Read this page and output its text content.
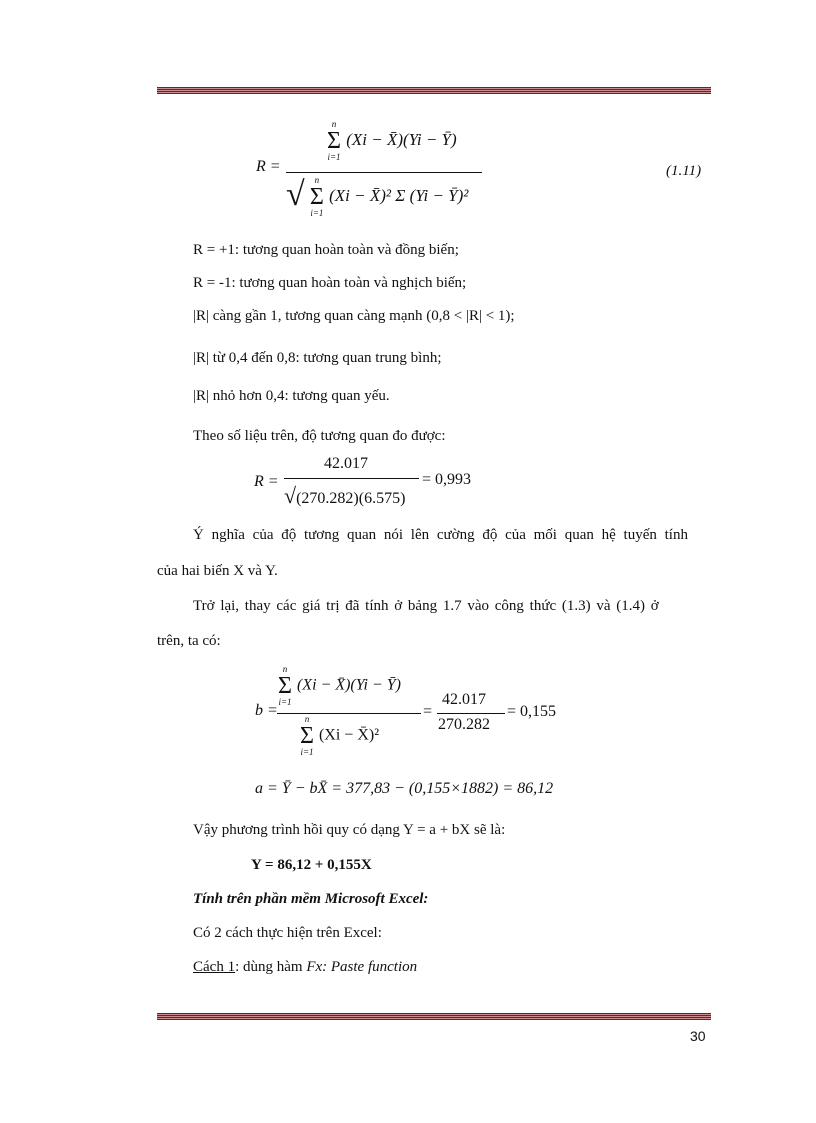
R =
n
Σ
i=1
(Xi − X̄)(Yi − Ȳ)
√ n
Σ
i=1
(Xi − X̄)² Σ (Yi − Ȳ)²
(1.11)
R = +1: tương quan hoàn toàn và đồng biến;
R = -1: tương quan hoàn toàn và nghịch biến;
|R| càng gần 1, tương quan càng mạnh (0,8 < |R| < 1);
|R| từ 0,4 đến 0,8: tương quan trung bình;
|R| nhỏ hơn 0,4: tương quan yếu.
Theo số liệu trên, độ tương quan đo được:
R =
42.017
√(270.282)(6.575)
= 0,993
Ý nghĩa của độ tương quan nói lên cường độ của mối quan hệ tuyến tính
của hai biến X và Y.
Trở lại, thay các giá trị đã tính ở bảng 1.7 vào công thức (1.3) và (1.4) ở
trên, ta có:
b =
n
Σ
i=1
(Xi − X̄)(Yi − Ȳ)
n
Σ
i=1
(Xi − X̄)²
=
42.017
270.282
= 0,155
a = Ȳ − bX̄ = 377,83 − (0,155×1882) = 86,12
Vậy phương trình hồi quy có dạng Y = a + bX sẽ là:
Y = 86,12 + 0,155X
Tính trên phần mềm Microsoft Excel:
Có 2 cách thực hiện trên Excel:
Cách 1: dùng hàm Fx: Paste function
30
